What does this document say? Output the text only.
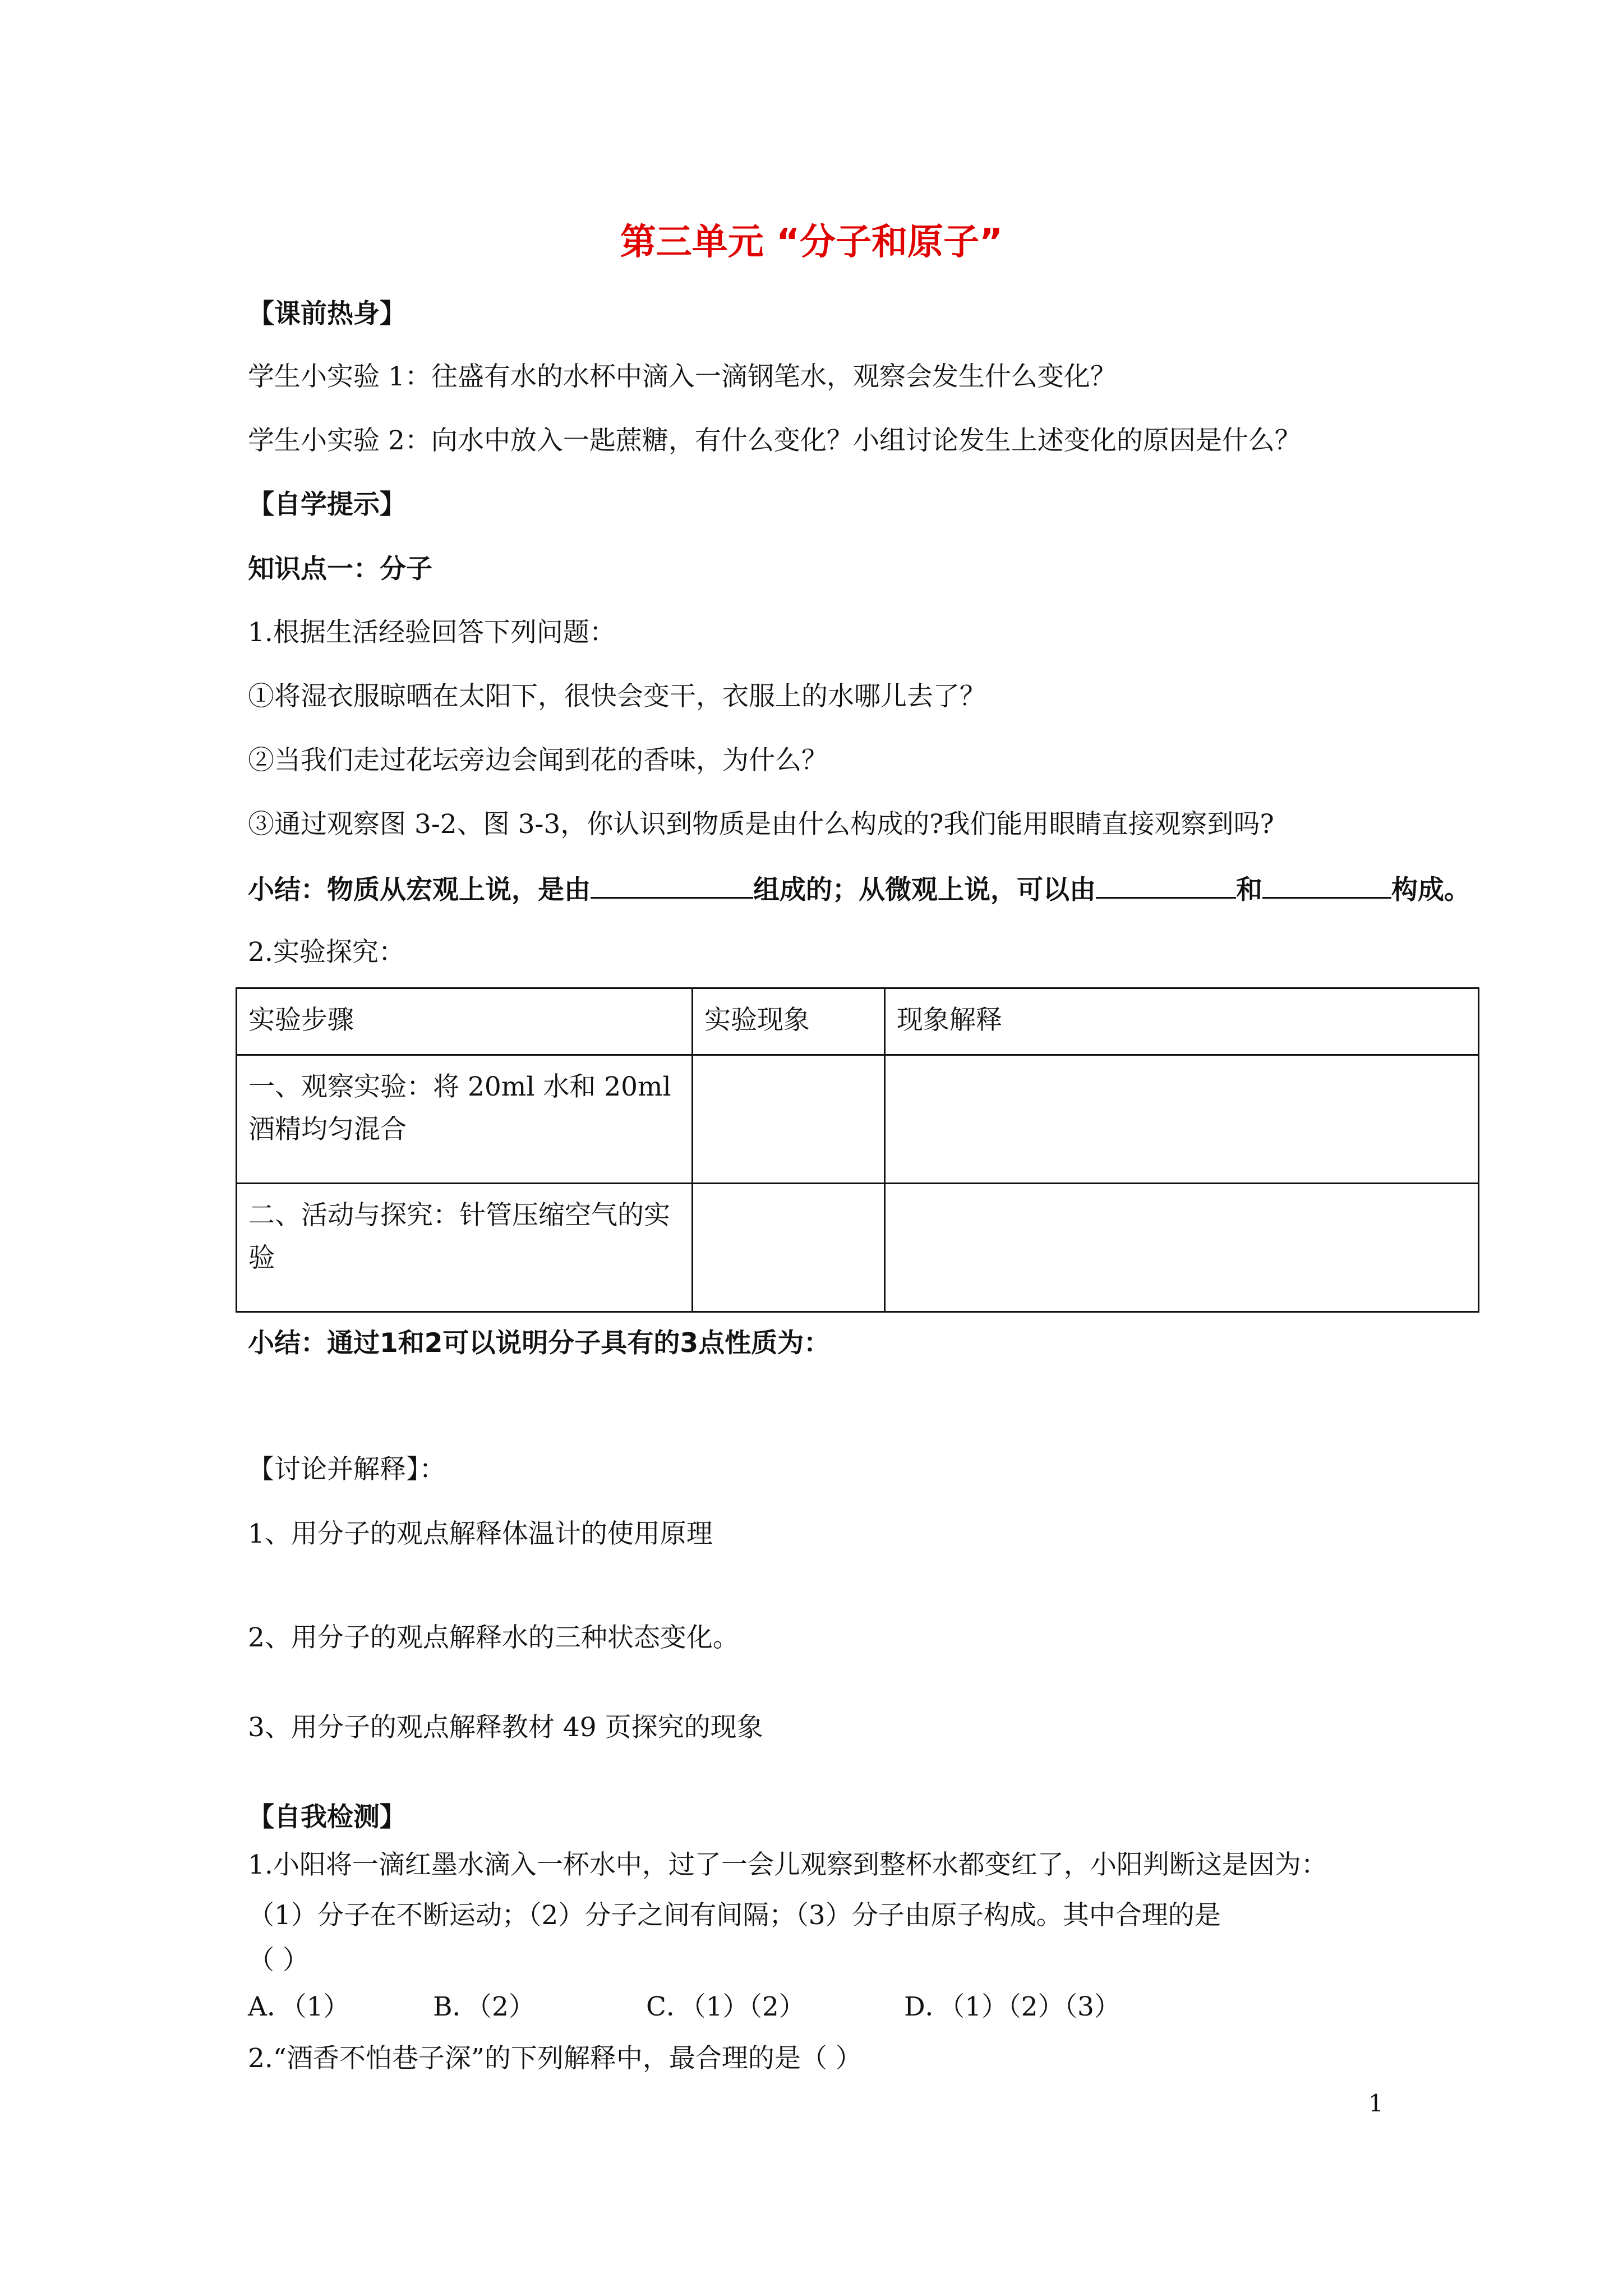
第三单元 “分子和原子”
【课前热身】
学生小实验 1：往盛有水的水杯中滴入一滴钢笔水，观察会发生什么变化？
学生小实验 2：向水中放入一匙蔗糖，有什么变化？小组讨论发生上述变化的原因是什么？
【自学提示】
知识点一：分子
1.根据生活经验回答下列问题：
①将湿衣服晾晒在太阳下，很快会变干，衣服上的水哪儿去了？
②当我们走过花坛旁边会闻到花的香味，为什么？
③通过观察图 3-2、图 3-3，你认识到物质是由什么构成的?我们能用眼睛直接观察到吗?
小结：物质从宏观上说，是由	组成的；从微观上说，可以由	和	构成。
2.实验探究：
实验步骤	实验现象	现象解释
一、观察实验：将 20ml 水和 20ml 酒精均匀混合		
二、活动与探究：针管压缩空气的实验		
小结：通过1和2可以说明分子具有的3点性质为：
【讨论并解释】：
1、用分子的观点解释体温计的使用原理
2、用分子的观点解释水的三种状态变化。
3、用分子的观点解释教材 49 页探究的现象
【自我检测】
1.小阳将一滴红墨水滴入一杯水中，过了一会儿观察到整杯水都变红了，小阳判断这是因为：
（1）分子在不断运动；（2）分子之间有间隔；（3）分子由原子构成。其中合理的是
（ ）
A．（1）	B．（2）	C．（1）（2）	D．（1）（2）（3）
2.“酒香不怕巷子深”的下列解释中，最合理的是（ ）
1
